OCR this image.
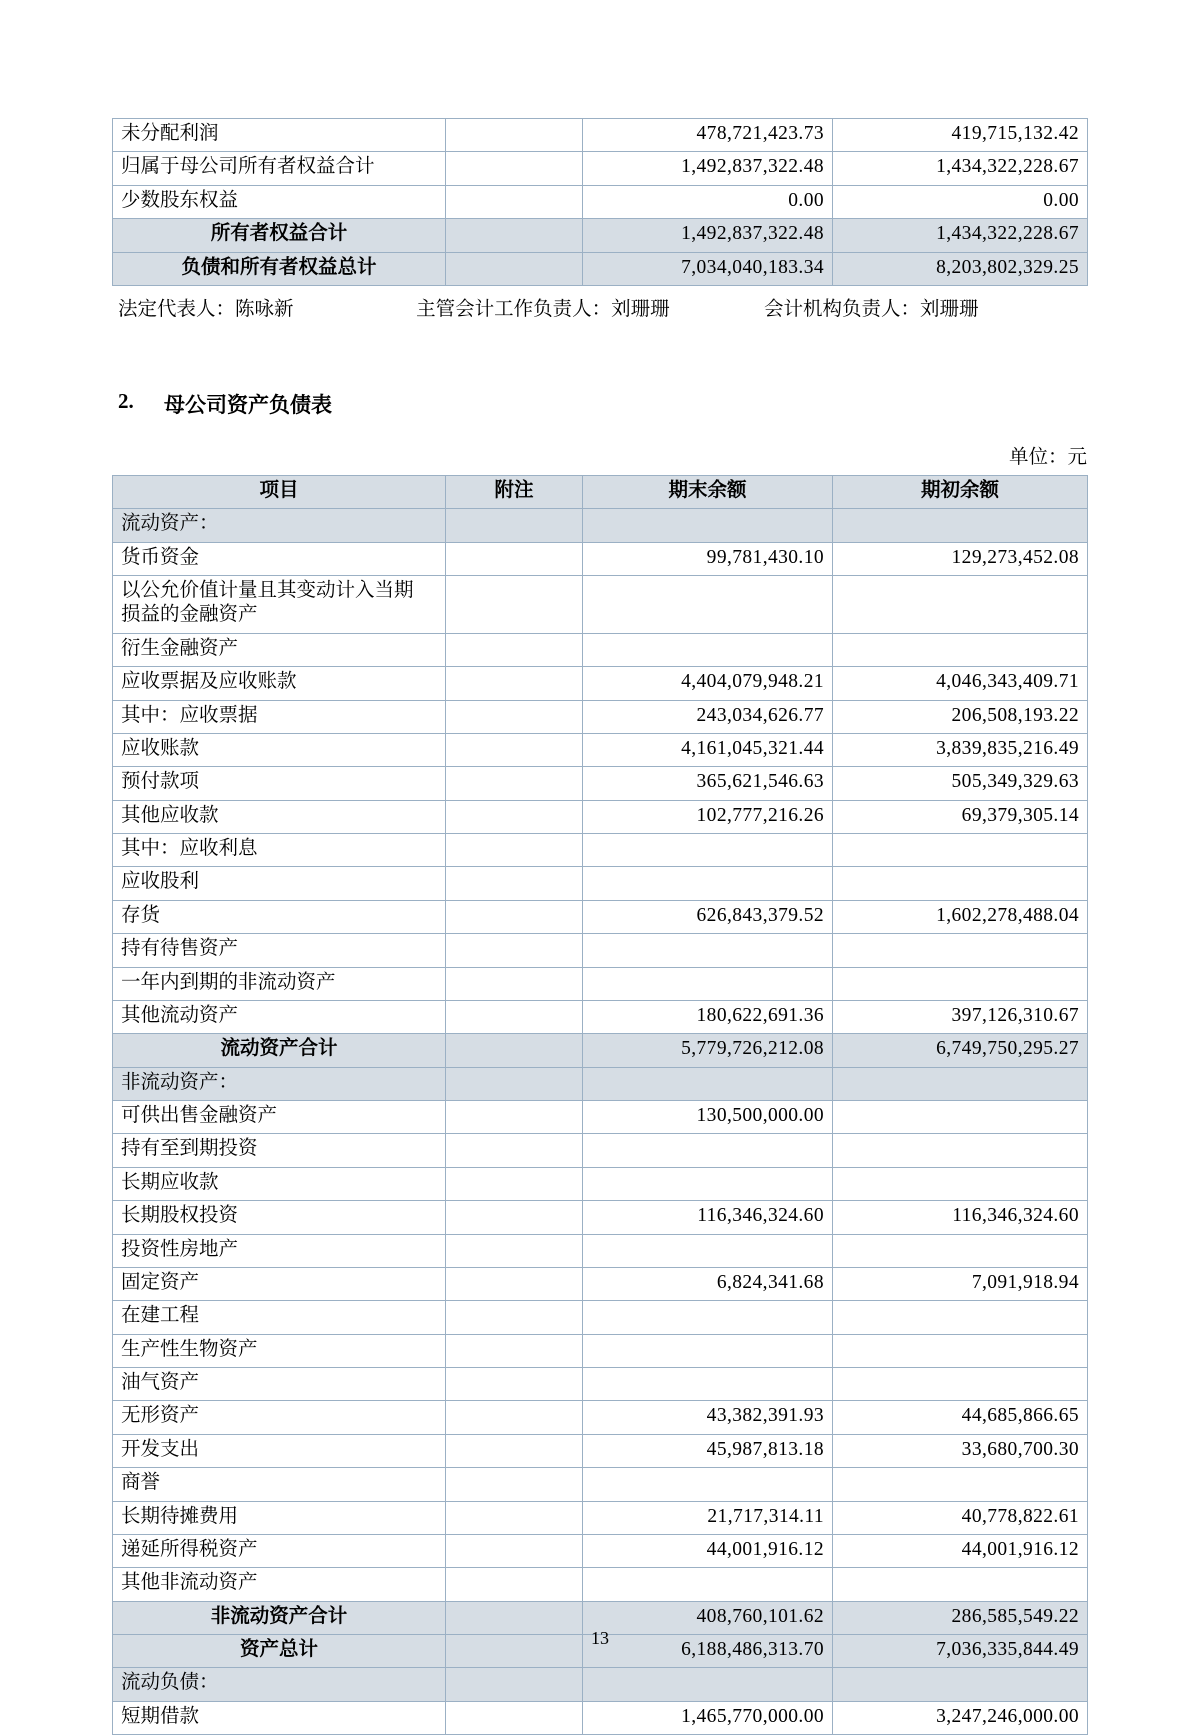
未分配利润		478,721,423.73	419,715,132.42
归属于母公司所有者权益合计		1,492,837,322.48	1,434,322,228.67
少数股东权益		0.00	0.00
所有者权益合计		1,492,837,322.48	1,434,322,228.67
负债和所有者权益总计		7,034,040,183.34	8,203,802,329.25
法定代表人：陈咏新	主管会计工作负责人：刘珊珊	会计机构负责人：刘珊珊
2.	母公司资产负债表
单位：元
项目	附注	期末余额	期初余额
流动资产：			
货币资金		99,781,430.10	129,273,452.08

以公允价值计量且其变动计入当期
损益的金融资产			

衍生金融资产			
应收票据及应收账款		4,404,079,948.21	4,046,343,409.71
其中：应收票据		243,034,626.77	206,508,193.22
应收账款		4,161,045,321.44	3,839,835,216.49
预付款项		365,621,546.63	505,349,329.63
其他应收款		102,777,216.26	69,379,305.14
其中：应收利息			
应收股利			
存货		626,843,379.52	1,602,278,488.04
持有待售资产			
一年内到期的非流动资产			
其他流动资产		180,622,691.36	397,126,310.67
流动资产合计		5,779,726,212.08	6,749,750,295.27
非流动资产：			
可供出售金融资产		130,500,000.00	
持有至到期投资			
长期应收款			
长期股权投资		116,346,324.60	116,346,324.60
投资性房地产			
固定资产		6,824,341.68	7,091,918.94
在建工程			
生产性生物资产			
油气资产			
无形资产		43,382,391.93	44,685,866.65
开发支出		45,987,813.18	33,680,700.30
商誉			
长期待摊费用		21,717,314.11	40,778,822.61
递延所得税资产		44,001,916.12	44,001,916.12
其他非流动资产			
非流动资产合计		408,760,101.62	286,585,549.22
资产总计		6,188,486,313.70	7,036,335,844.49
流动负债：			
短期借款		1,465,770,000.00	3,247,246,000.00
13
